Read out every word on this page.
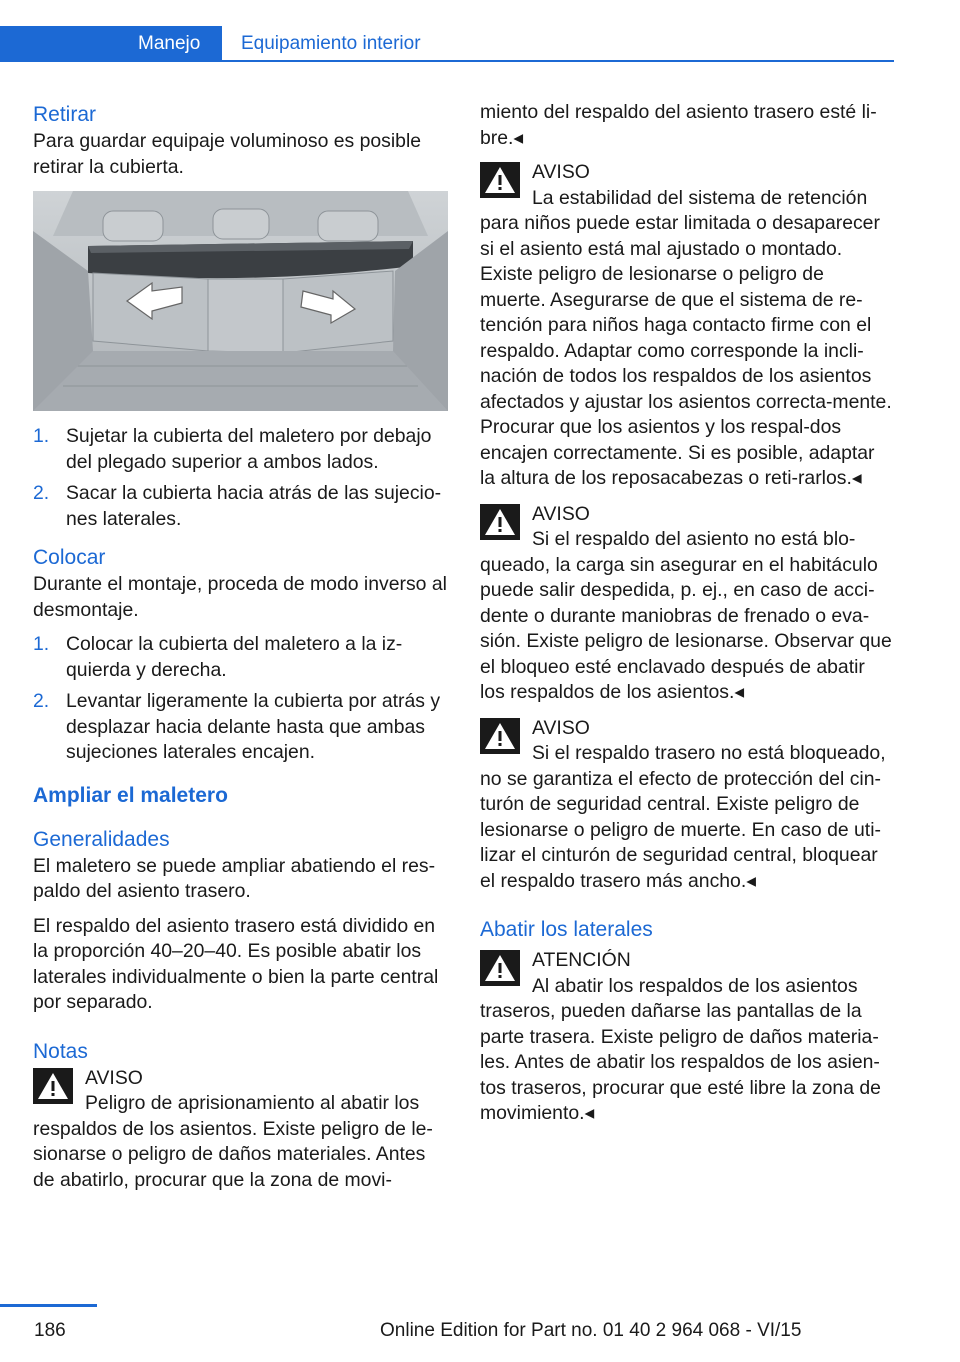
Manejo Equipamiento interior
Retirar

Para guardar equipaje voluminoso es posible retirar la cubierta.

1. Sujetar la cubierta del maletero por debajo del plegado superior a ambos lados.
2. Sacar la cubierta hacia atrás de las sujecio‐nes laterales.
Colocar

Durante el montaje, proceda de modo inverso al desmontaje.

1. Colocar la cubierta del maletero a la iz‐quierda y derecha.
2. Levantar ligeramente la cubierta por atrás y desplazar hacia delante hasta que ambas sujeciones laterales encajen.
Ampliar el maletero
Generalidades

El maletero se puede ampliar abatiendo el res‐paldo del asiento trasero.

El respaldo del asiento trasero está dividido en la proporción 40–20–40. Es posible abatir los laterales individualmente o bien la parte central por separado.

Notas
AVISO
Peligro de aprisionamiento al abatir los respaldos de los asientos. Existe peligro de le‐sionarse o peligro de daños materiales. Antes de abatirlo, procurar que la zona de movi‐

miento del respaldo del asiento trasero esté li‐bre.◂

AVISO
La estabilidad del sistema de retención para niños puede estar limitada o desaparecer si el asiento está mal ajustado o montado. Existe peligro de lesionarse o peligro de muerte. Asegurarse de que el sistema de re‐tención para niños haga contacto firme con el respaldo. Adaptar como corresponde la incli‐nación de todos los respaldos de los asientos afectados y ajustar los asientos correcta‐mente. Procurar que los asientos y los respal‐dos encajen correctamente. Si es posible, adaptar la altura de los reposacabezas o reti‐rarlos.◂
AVISO
Si el respaldo del asiento no está blo‐queado, la carga sin asegurar en el habitáculo puede salir despedida, p. ej., en caso de acci‐dente o durante maniobras de frenado o eva‐sión. Existe peligro de lesionarse. Observar que el bloqueo esté enclavado después de abatir los respaldos de los asientos.◂
AVISO
Si el respaldo trasero no está bloqueado, no se garantiza el efecto de protección del cin‐turón de seguridad central. Existe peligro de lesionarse o peligro de muerte. En caso de uti‐lizar el cinturón de seguridad central, bloquear el respaldo trasero más ancho.◂
Abatir los laterales
ATENCIÓN
Al abatir los respaldos de los asientos traseros, pueden dañarse las pantallas de la parte trasera. Existe peligro de daños materia‐les. Antes de abatir los respaldos de los asien‐tos traseros, procurar que esté libre la zona de movimiento.◂
186	Online Edition for Part no. 01 40 2 964 068 - VI/15
